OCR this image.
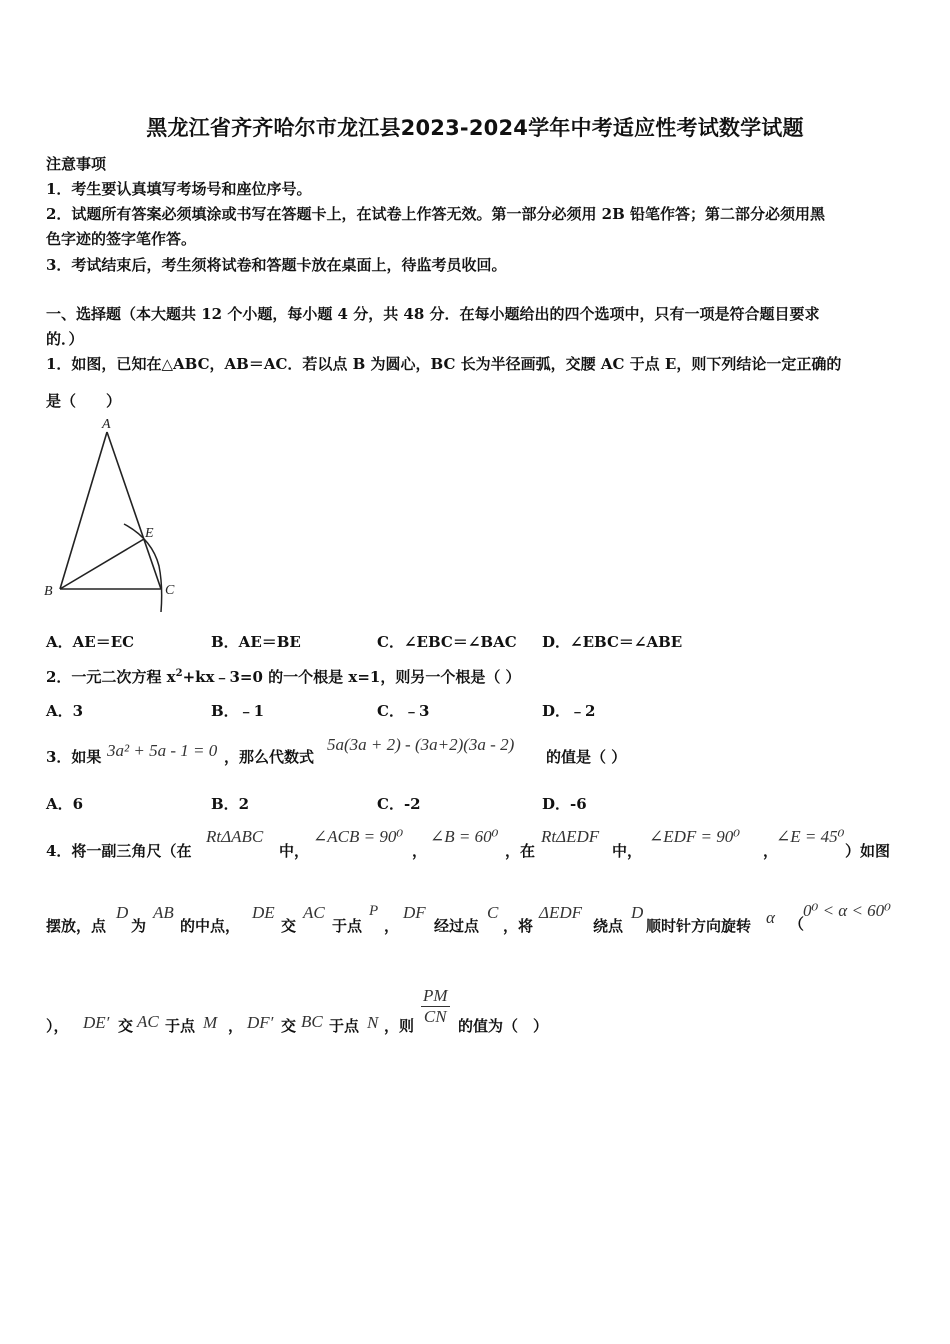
黑龙江省齐齐哈尔市龙江县2023-2024学年中考适应性考试数学试题
注意事项
1．考生要认真填写考场号和座位序号。
2．试题所有答案必须填涂或书写在答题卡上，在试卷上作答无效。第一部分必须用 2B 铅笔作答；第二部分必须用黑
色字迹的签字笔作答。
3．考试结束后，考生须将试卷和答题卡放在桌面上，待监考员收回。
一、选择题（本大题共 12 个小题，每小题 4 分，共 48 分．在每小题给出的四个选项中，只有一项是符合题目要求
的．）
1．如图，已知在△ABC，AB＝AC．若以点 B 为圆心，BC 长为半径画弧，交腰 AC 于点 E，则下列结论一定正确的
是（　　）
A
B	C
E
A．AE＝EC	B．AE＝BE	C．∠EBC＝∠BAC D．∠EBC＝∠ABE
2．一元二次方程 $x^2+kx﹣3=0$ 的一个根是 x=1，则另一个根是（ ）
A．3	B．﹣1	C．﹣3	D．﹣2
3．如果 3a² + 5a - 1 = 0 ，那么代数式
5a(3a + 2) - (3a+2)(3a - 2)
的值是（ ）
A．6	B．2	C．-2	D．-6
4．将一副三角尺（在
RtΔABC
中，
∠ACB = 90⁰
，
∠B = 60⁰
，在
RtΔEDF
中，
∠EDF = 90⁰
，
∠E = 45⁰
）如图
摆放，点
D
为
AB
的中点，
DE
交
AC
于点
P
，
DF
经过点
C
，将
ΔEDF
绕点
D
顺时针方向旋转 α （
0⁰ < α < 60⁰
）， DE′ 交 AC 于点 M ， DF′ 交 BC 于点 N ，则 $\frac{PM}{CN}$ 的值为（　）
